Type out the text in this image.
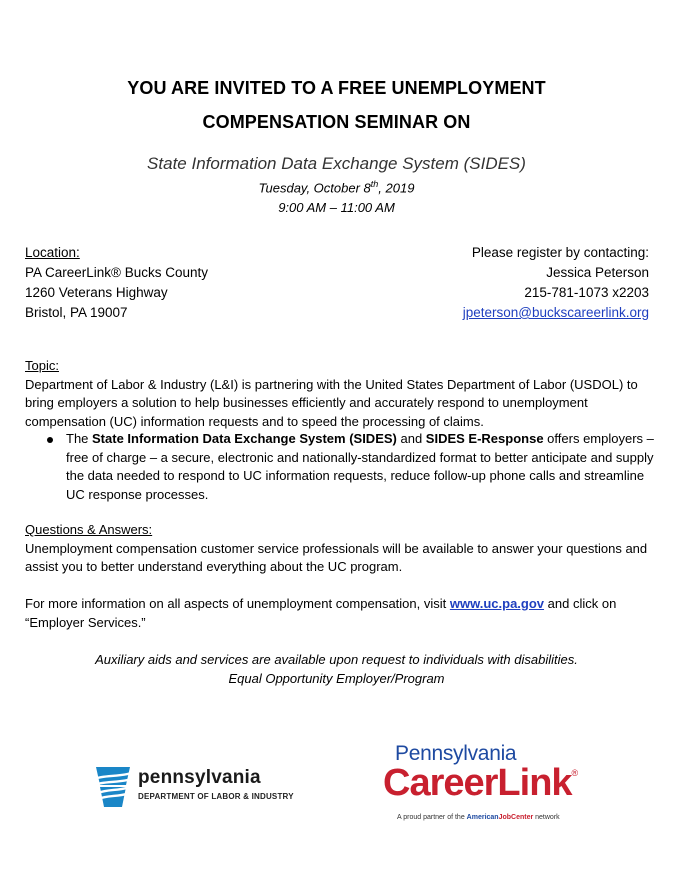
YOU ARE INVITED TO A FREE UNEMPLOYMENT
COMPENSATION SEMINAR ON
State Information Data Exchange System (SIDES)
Tuesday, October 8th, 2019
9:00 AM – 11:00 AM
Location:
PA CareerLink® Bucks County
1260 Veterans Highway
Bristol, PA 19007
Please register by contacting:
Jessica Peterson
215-781-1073 x2203
jpeterson@buckscareerlink.org
Topic:
Department of Labor & Industry (L&I) is partnering with the United States Department of Labor (USDOL) to bring employers a solution to help businesses efficiently and accurately respond to unemployment compensation (UC) information requests and to speed the processing of claims.
The State Information Data Exchange System (SIDES) and SIDES E-Response offers employers – free of charge – a secure, electronic and nationally-standardized format to better anticipate and supply the data needed to respond to UC information requests, reduce follow-up phone calls and streamline UC response processes.
Questions & Answers:
Unemployment compensation customer service professionals will be available to answer your questions and assist you to better understand everything about the UC program.
For more information on all aspects of unemployment compensation, visit www.uc.pa.gov and click on “Employer Services.”
Auxiliary aids and services are available upon request to individuals with disabilities.
Equal Opportunity Employer/Program
pennsylvania
DEPARTMENT OF LABOR & INDUSTRY
Pennsylvania
CareerLink®
A proud partner of the AmericanJobCenter network
